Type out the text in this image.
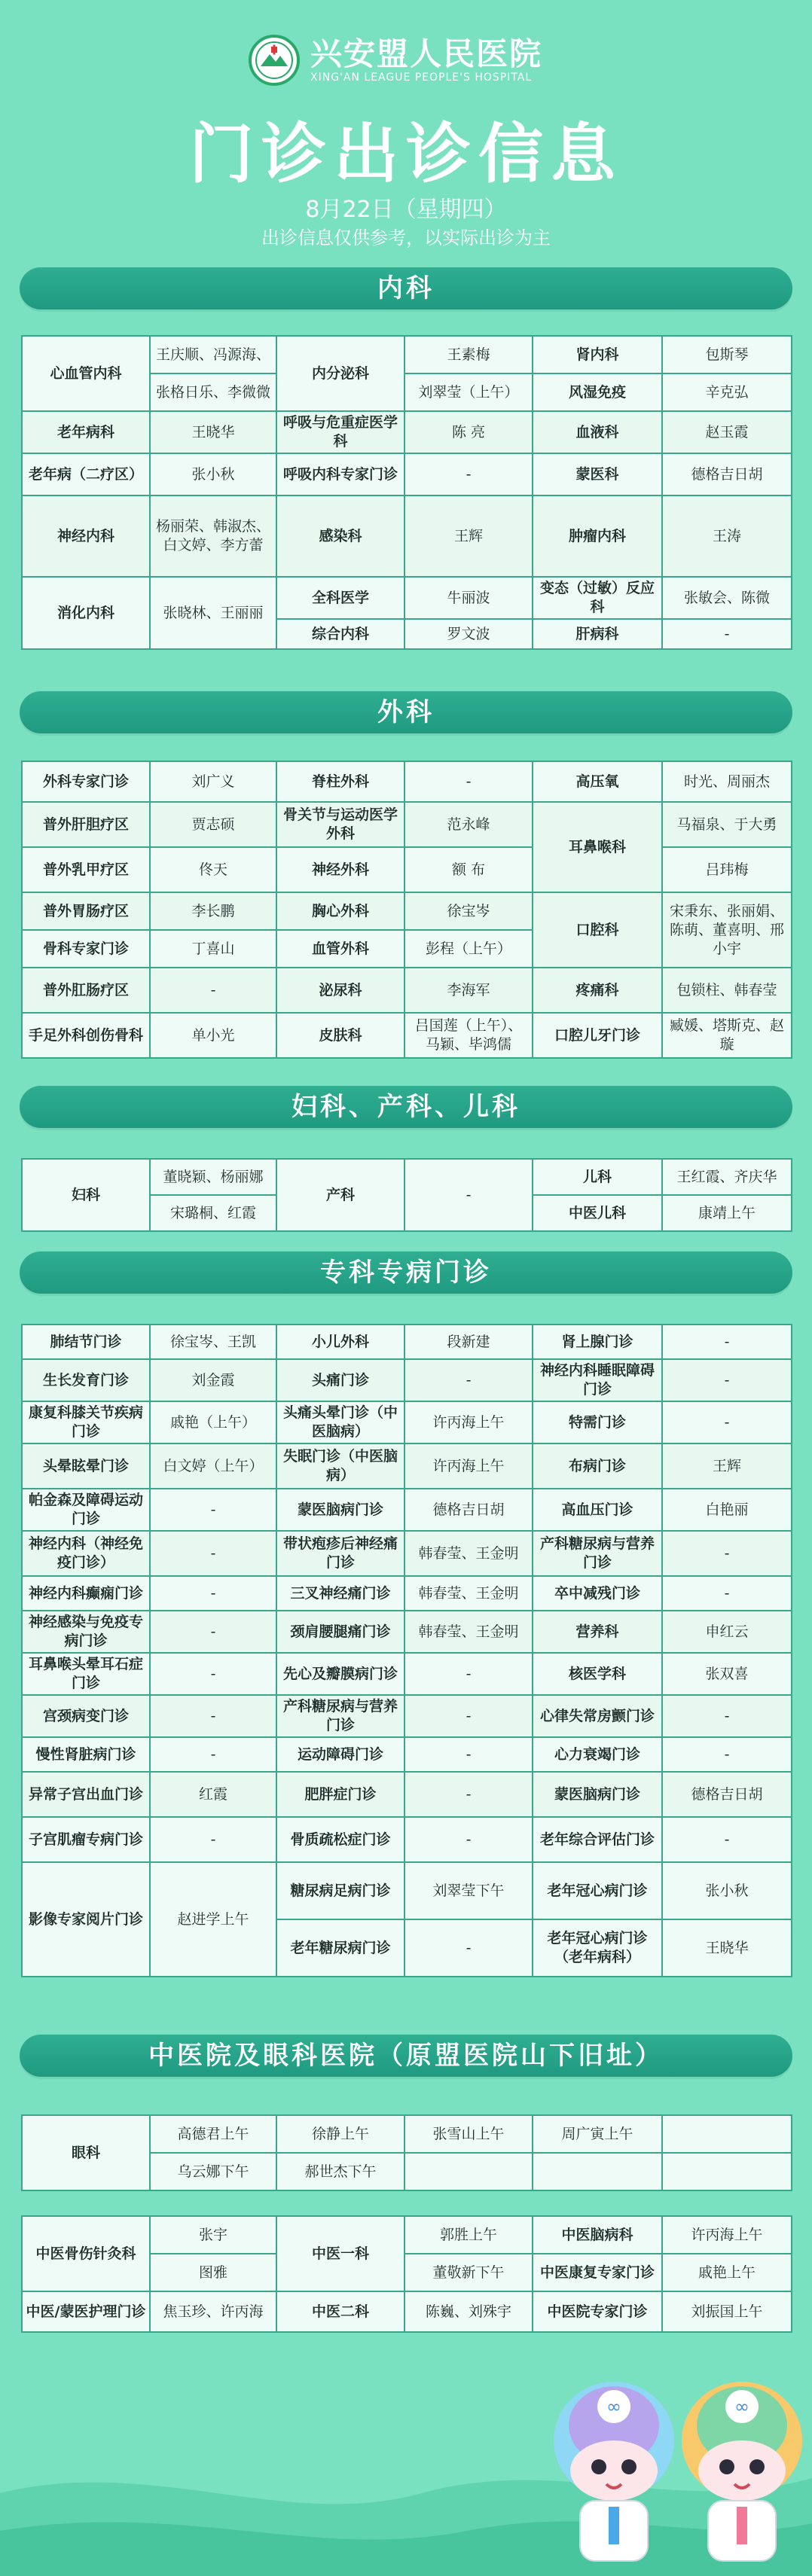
兴安盟人民医院
XING'AN LEAGUE PEOPLE'S HOSPITAL
门诊出诊信息
8月22日（星期四）
出诊信息仅供参考，以实际出诊为主
内科
心血管内科	王庆顺、冯源海、	内分泌科	王素梅	肾内科	包斯琴
	张格日乐、李微微		刘翠莹（上午）	风湿免疫	辛克弘
老年病科	王晓华	呼吸与危重症医学科	陈 亮	血液科	赵玉霞
老年病（二疗区）	张小秋	呼吸内科专家门诊	-	蒙医科	德格吉日胡
神经内科	杨丽荣、韩淑杰、白文婷、李方蕾	感染科	王辉	肿瘤内科	王涛
消化内科	张晓林、王丽丽	全科医学	牛丽波	变态（过敏）反应科	张敏会、陈微
		综合内科	罗文波	肝病科	-
外科
外科专家门诊	刘广义	脊柱外科	-	高压氧	时光、周丽杰
普外肝胆疗区	贾志硕	骨关节与运动医学外科	范永峰	耳鼻喉科	马福泉、于大勇
普外乳甲疗区	佟天	神经外科	额 布		吕玮梅
普外胃肠疗区	李长鹏	胸心外科	徐宝岑	口腔科	宋秉东、张丽娟、陈萌、董喜明、邢小宇
骨科专家门诊	丁喜山	血管外科	彭程（上午）		
普外肛肠疗区	-	泌尿科	李海军	疼痛科	包锁柱、韩春莹
手足外科创伤骨科	单小光	皮肤科	吕国莲（上午）、马颖、毕鸿儒	口腔儿牙门诊	臧媛、塔斯克、赵璇
妇科、产科、儿科
妇科	董晓颖、杨丽娜	产科	-	儿科	王红霞、齐庆华
	宋璐桐、红霞			中医儿科	康靖上午
专科专病门诊
肺结节门诊	徐宝岑、王凯	小儿外科	段新建	肾上腺门诊	-
生长发育门诊	刘金霞	头痛门诊	-	神经内科睡眠障碍门诊	-
康复科膝关节疾病门诊	戚艳（上午）	头痛头晕门诊（中医脑病）	许丙海上午	特需门诊	-
头晕眩晕门诊	白文婷（上午）	失眠门诊（中医脑病）	许丙海上午	布病门诊	王辉
帕金森及障碍运动门诊	-	蒙医脑病门诊	德格吉日胡	高血压门诊	白艳丽
神经内科（神经免疫门诊）	-	带状疱疹后神经痛门诊	韩春莹、王金明	产科糖尿病与营养门诊	-
神经内科癫痫门诊	-	三叉神经痛门诊	韩春莹、王金明	卒中减残门诊	-
神经感染与免疫专病门诊	-	颈肩腰腿痛门诊	韩春莹、王金明	营养科	申红云
耳鼻喉头晕耳石症门诊	-	先心及瓣膜病门诊	-	核医学科	张双喜
宫颈病变门诊	-	产科糖尿病与营养门诊	-	心律失常房颤门诊	-
慢性肾脏病门诊	-	运动障碍门诊	-	心力衰竭门诊	-
异常子宫出血门诊	红霞	肥胖症门诊	-	蒙医脑病门诊	德格吉日胡
子宫肌瘤专病门诊	-	骨质疏松症门诊	-	老年综合评估门诊	-
影像专家阅片门诊	赵进学上午	糖尿病足病门诊	刘翠莹下午	老年冠心病门诊	张小秋
		老年糖尿病门诊	-	老年冠心病门诊（老年病科）	王晓华
中医院及眼科医院（原盟医院山下旧址）
眼科	高德君上午	徐静上午	张雪山上午	周广寅上午	
	乌云娜下午	郝世杰下午			
中医骨伤针灸科	张宇	中医一科	郭胜上午	中医脑病科	许丙海上午
	图雅		董敬新下午	中医康复专家门诊	戚艳上午
中医/蒙医护理门诊	焦玉珍、许丙海	中医二科	陈巍、刘殊宇	中医院专家门诊	刘振国上午
∞	∞
